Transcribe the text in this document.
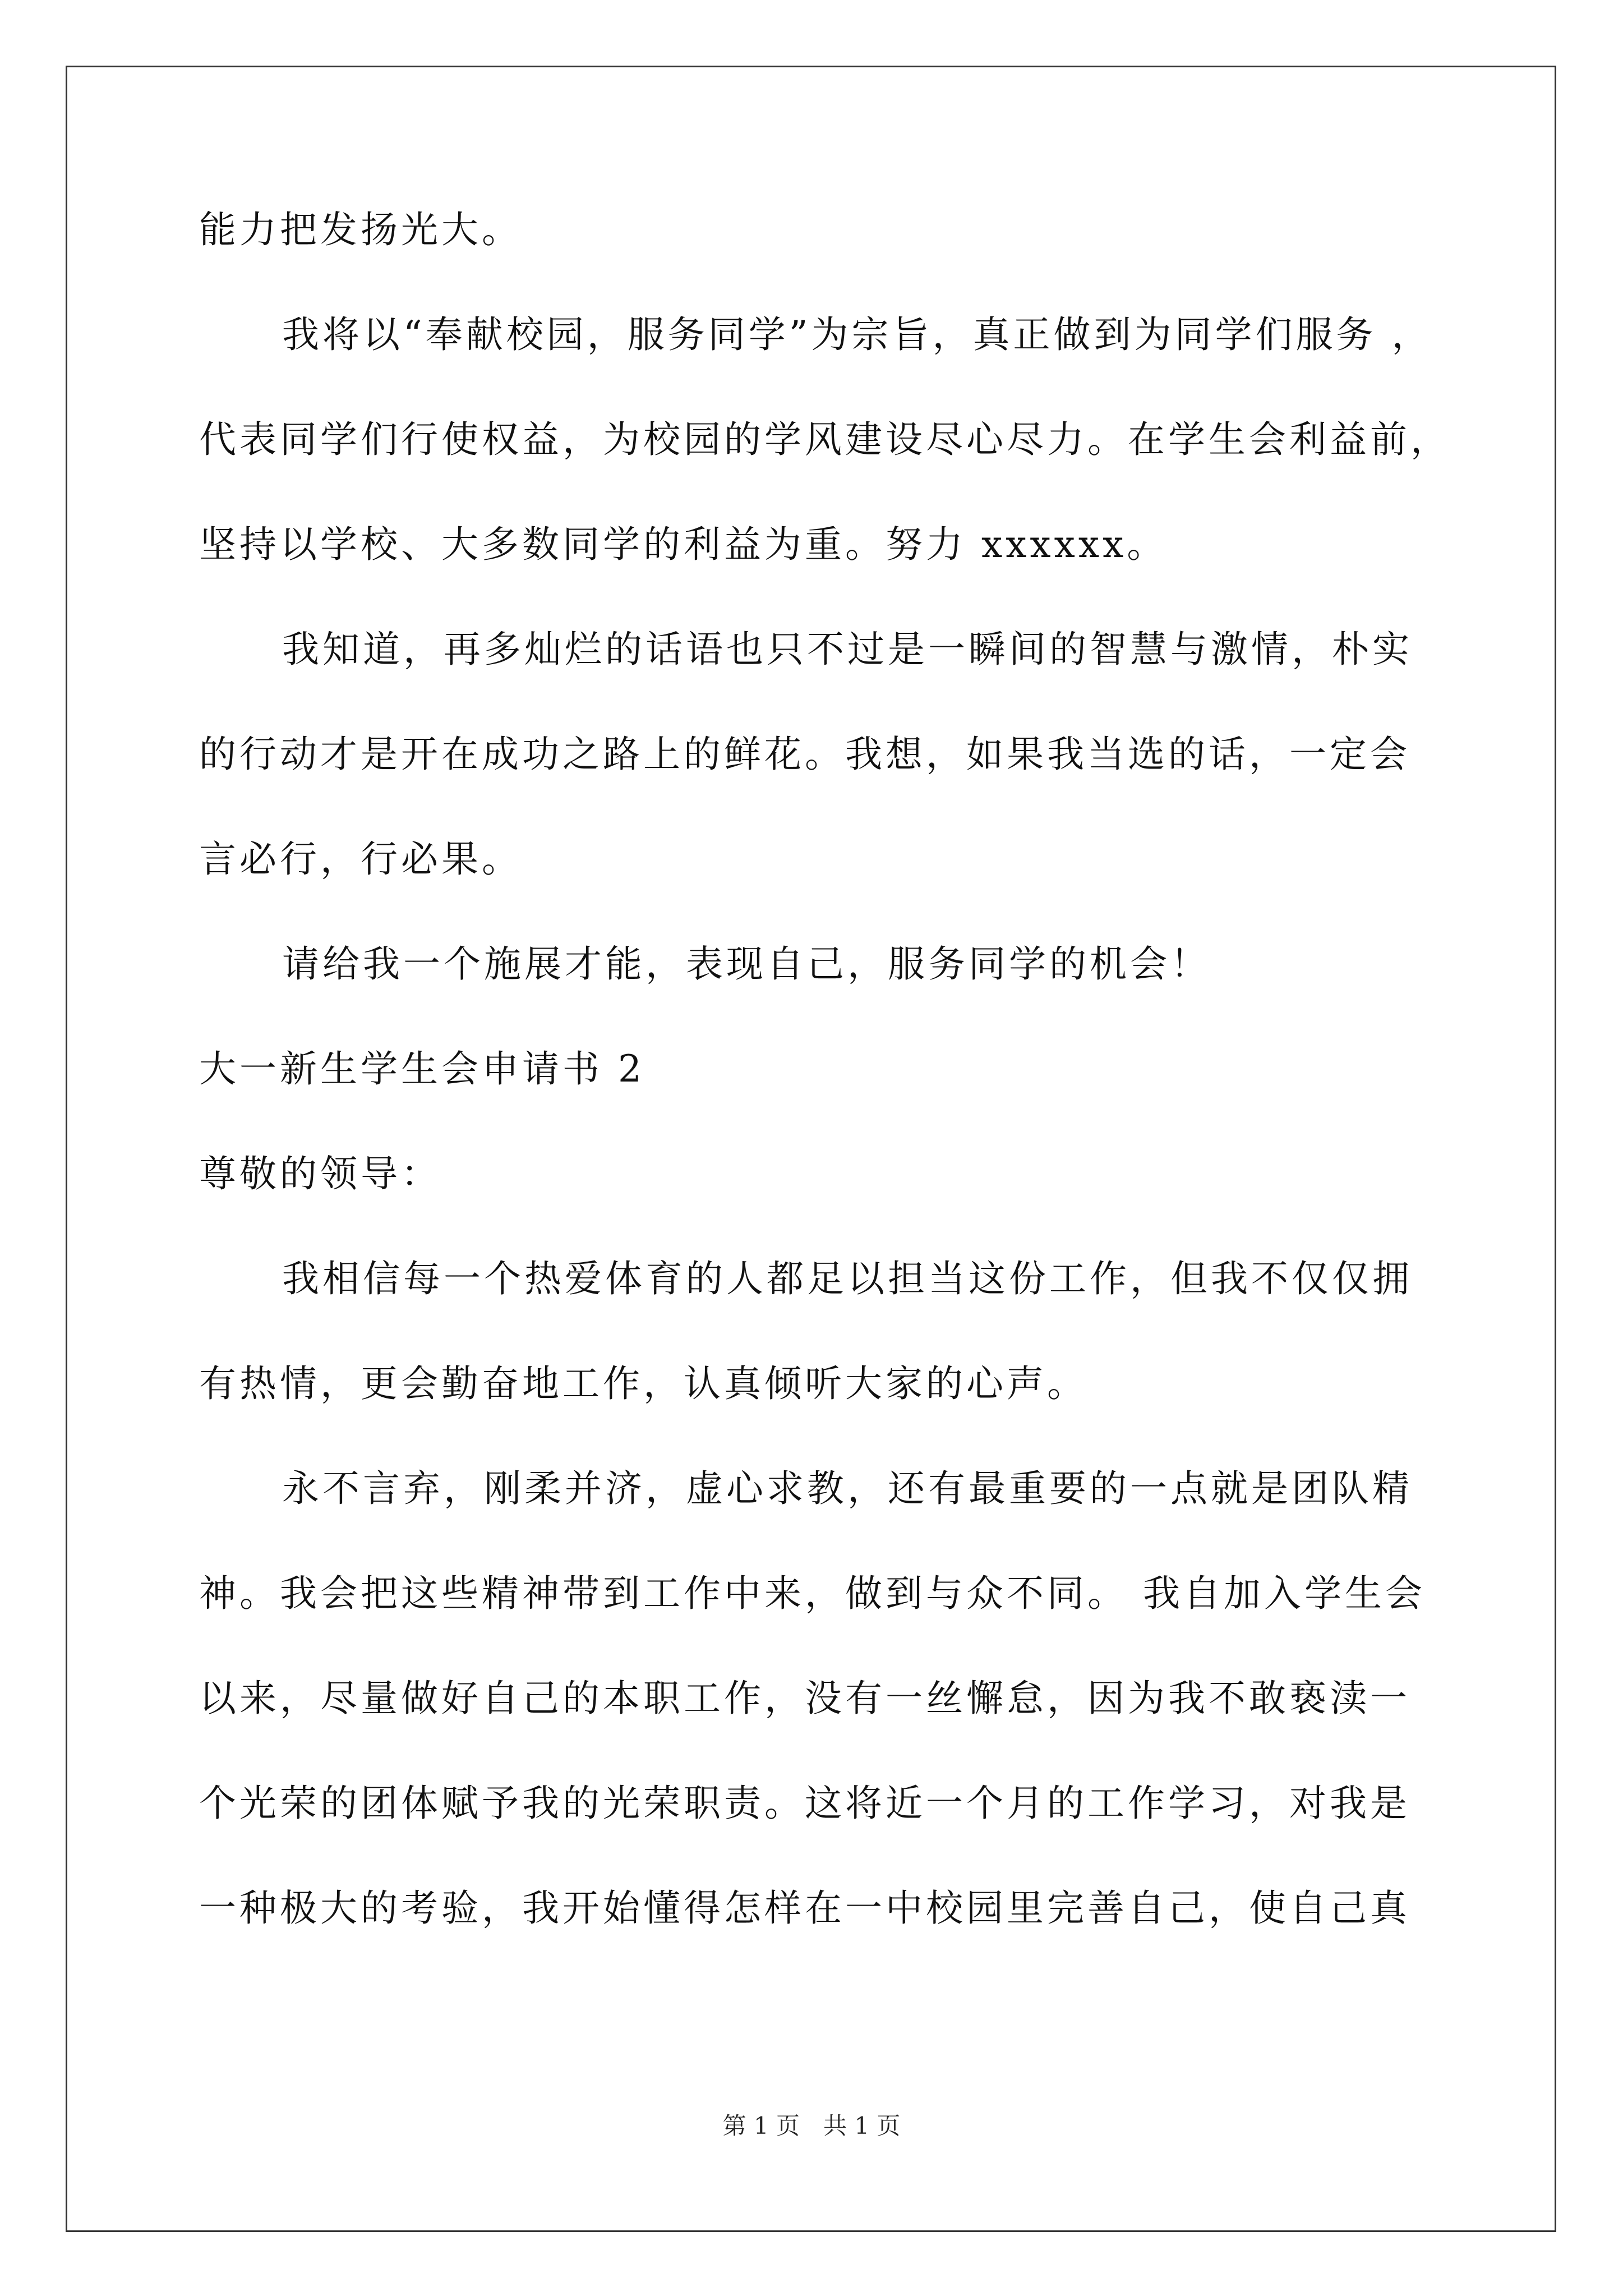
能力把发扬光大。
我将以“奉献校园，服务同学”为宗旨，真正做到为同学们服务 ，
代表同学们行使权益，为校园的学风建设尽心尽力。在学生会利益前，
坚持以学校、大多数同学的利益为重。努力 xxxxxx。
我知道，再多灿烂的话语也只不过是一瞬间的智慧与激情，朴实
的行动才是开在成功之路上的鲜花。我想，如果我当选的话，一定会
言必行，行必果。
请给我一个施展才能，表现自己，服务同学的机会！
大一新生学生会申请书 2
尊敬的领导：
我相信每一个热爱体育的人都足以担当这份工作，但我不仅仅拥
有热情，更会勤奋地工作，认真倾听大家的心声。
永不言弃，刚柔并济，虚心求教，还有最重要的一点就是团队精
神。我会把这些精神带到工作中来，做到与众不同。 我自加入学生会
以来，尽量做好自己的本职工作，没有一丝懈怠，因为我不敢亵渎一
个光荣的团体赋予我的光荣职责。这将近一个月的工作学习，对我是
一种极大的考验，我开始懂得怎样在一中校园里完善自己，使自己真
第 1 页　共 1 页
